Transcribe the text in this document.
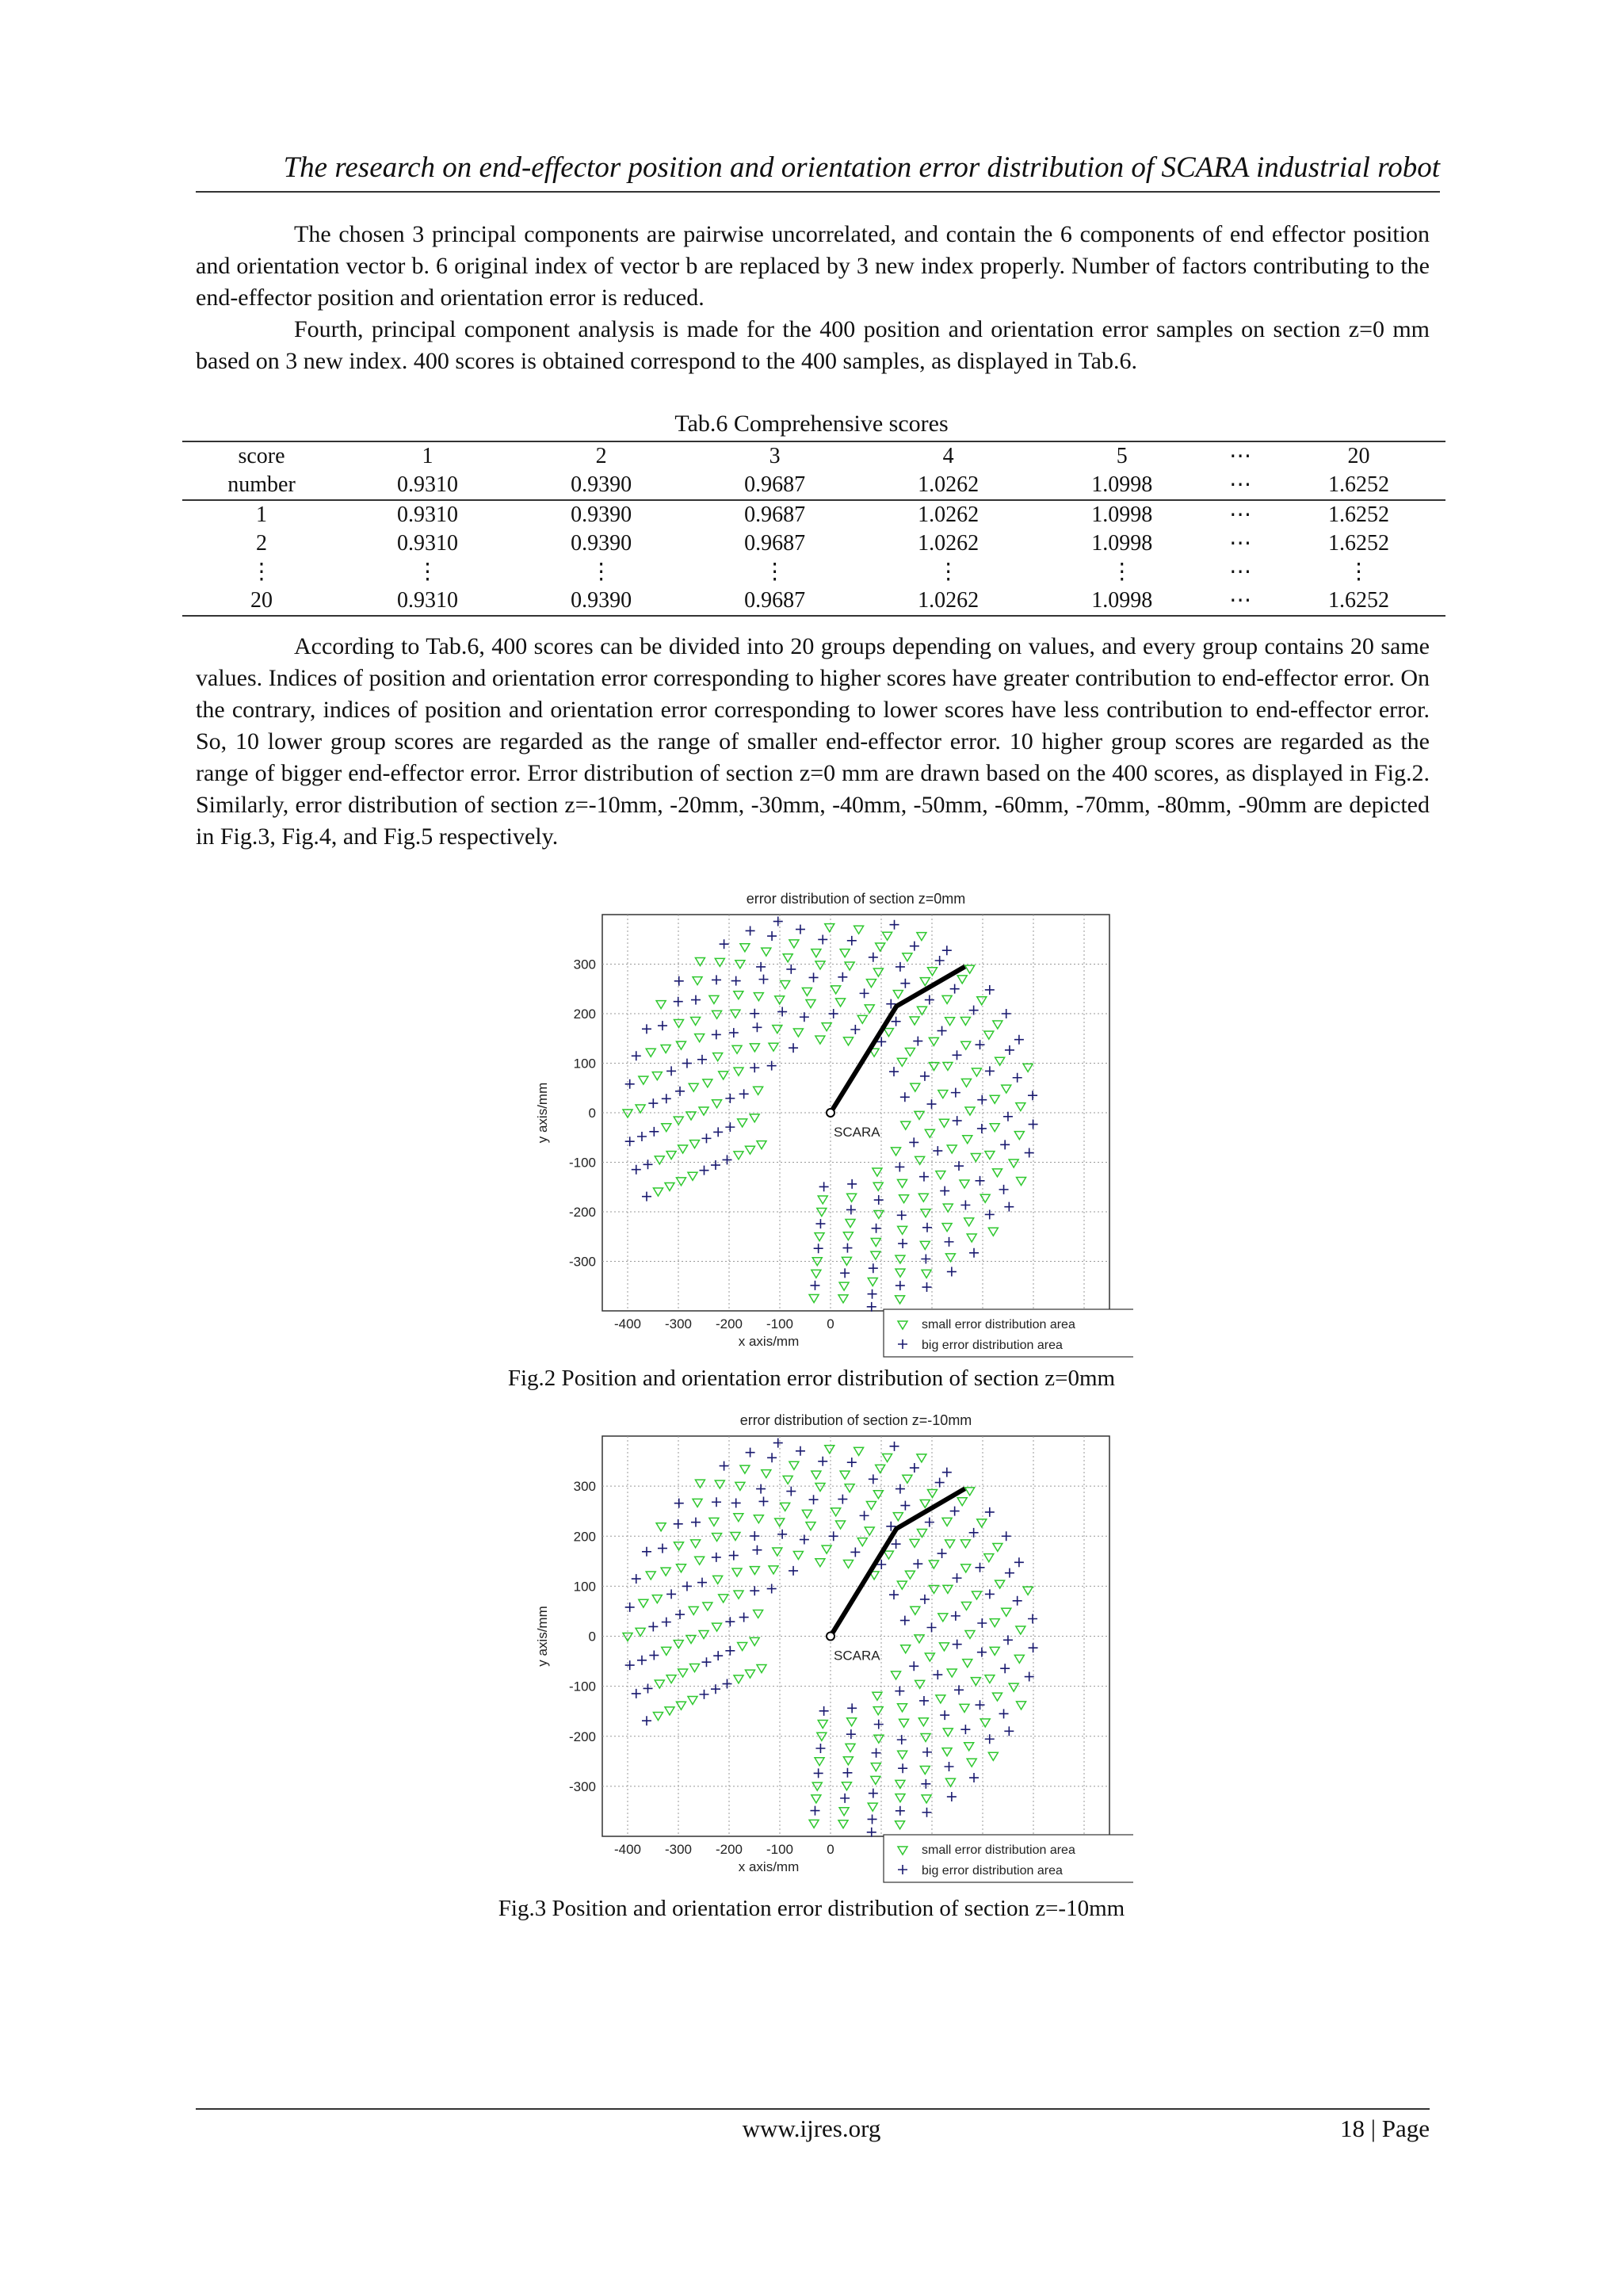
The research on end-effector position and orientation error distribution of SCARA industrial robot

The chosen 3 principal components are pairwise uncorrelated, and contain the 6 components of end effector position and orientation vector b. 6 original index of vector b are replaced by 3 new index properly. Number of factors contributing to the end-effector position and orientation error is reduced.

Fourth, principal component analysis is made for the 400 position and orientation error samples on section z=0 mm based on 3 new index. 400 scores is obtained correspond to the 400 samples, as displayed in Tab.6.

Tab.6 Comprehensive scores
score	1	2	3	4	5	⋯	20
number	0.9310	0.9390	0.9687	1.0262	1.0998	⋯	1.6252
1	0.9310	0.9390	0.9687	1.0262	1.0998	⋯	1.6252
2	0.9310	0.9390	0.9687	1.0262	1.0998	⋯	1.6252
⋮	⋮	⋮	⋮	⋮	⋮	⋯	⋮
20	0.9310	0.9390	0.9687	1.0262	1.0998	⋯	1.6252

According to Tab.6, 400 scores can be divided into 20 groups depending on values, and every group contains 20 same values. Indices of position and orientation error corresponding to higher scores have greater contribution to end-effector error. On the contrary, indices of position and orientation error corresponding to lower scores have less contribution to end-effector error. So, 10 lower group scores are regarded as the range of smaller end-effector error. 10 higher group scores are regarded as the range of bigger end-effector error. Error distribution of section z=0 mm are drawn based on the 400 scores, as displayed in Fig.2. Similarly, error distribution of section z=-10mm, -20mm, -30mm, -40mm, -50mm, -60mm, -70mm, -80mm, -90mm are depicted in Fig.3, Fig.4, and Fig.5 respectively.

error distribution of section z=0mm
-400 -300 -200 -100 0
300
200
100
0
-100
-200
-300
x axis/mm
y axis/mm	SCARA
small error distribution area
big error distribution area
Fig.2 Position and orientation error distribution of section z=0mm
error distribution of section z=-10mm
-400 -300 -200 -100 0
300
200
100
0
-100
-200
-300
x axis/mm
y axis/mm	SCARA
small error distribution area
big error distribution area
Fig.3 Position and orientation error distribution of section z=-10mm
www.ijres.org	18 | Page
